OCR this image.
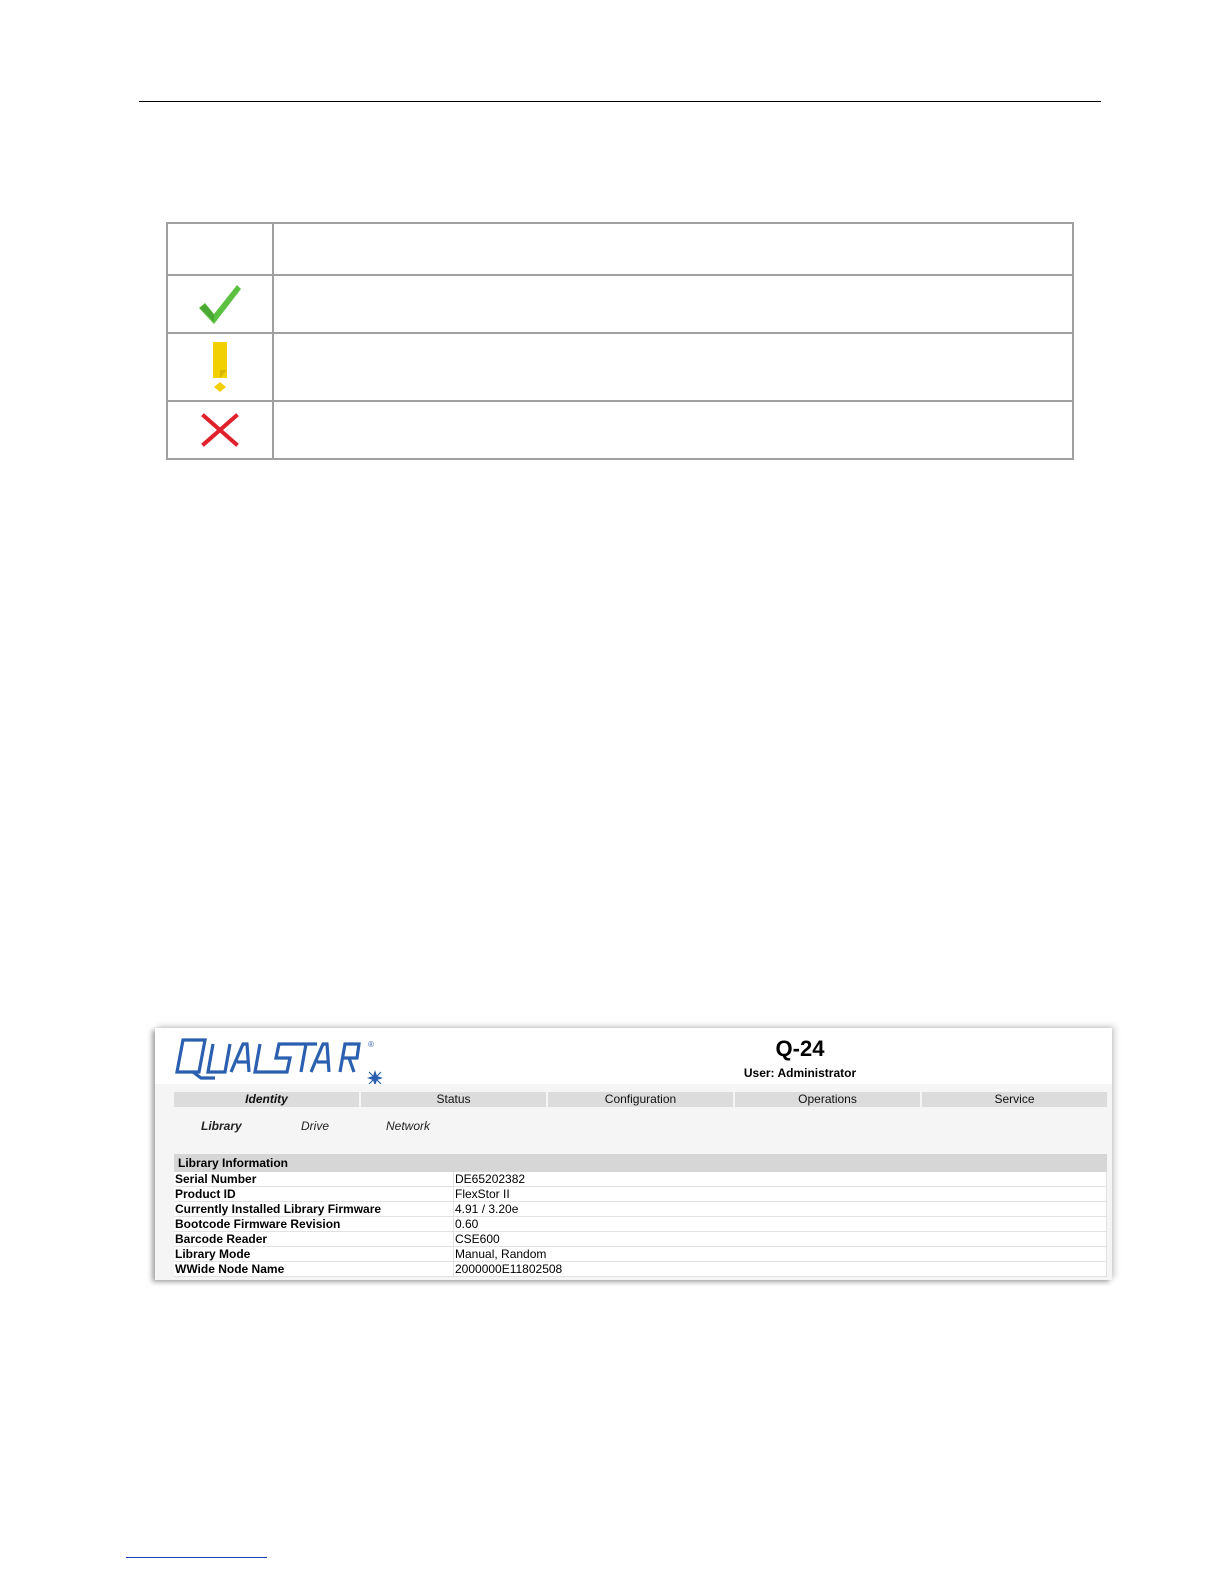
®	Q-24
User: Administrator
Identity	Status	Configuration	Operations	Service
Library	Drive	Network
Library Information	
Serial Number	DE65202382
Product ID	FlexStor II
Currently Installed Library Firmware	4.91 / 3.20e
Bootcode Firmware Revision	0.60
Barcode Reader	CSE600
Library Mode	Manual, Random
WWide Node Name	2000000E11802508
